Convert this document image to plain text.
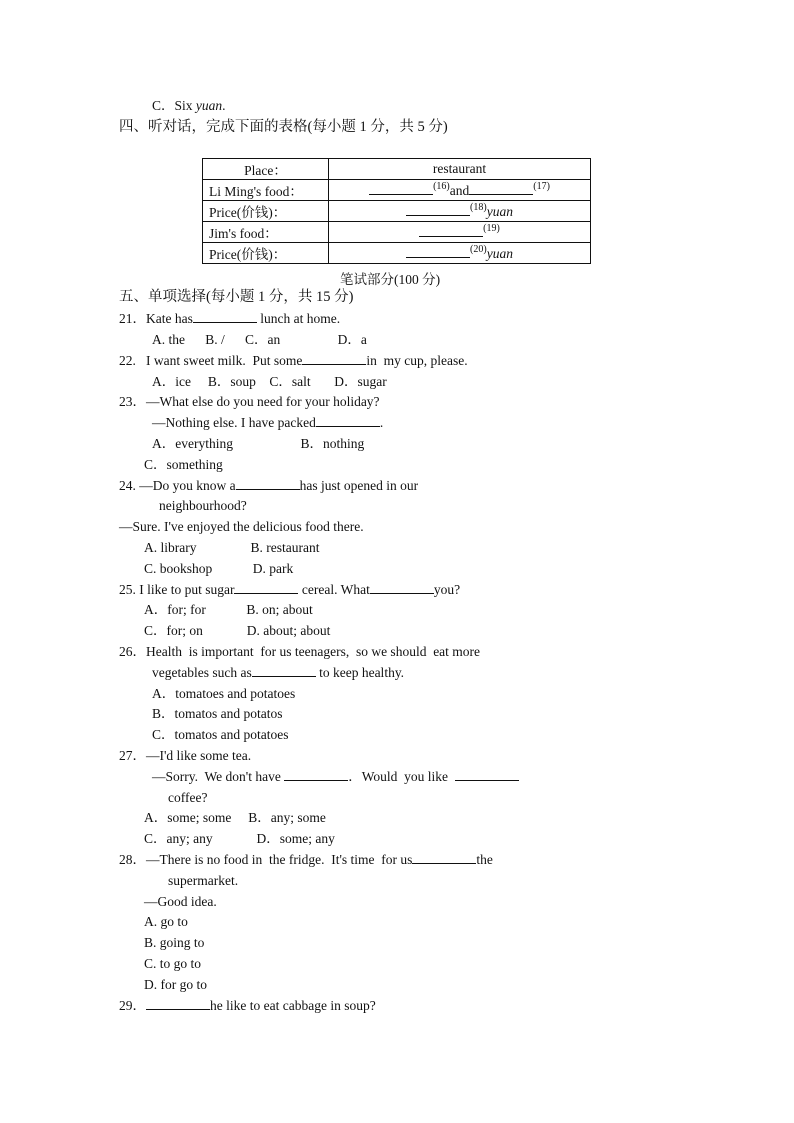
C．Six yuan.
四、听对话，完成下面的表格(每小题 1 分，共 5 分)
Place：	restaurant
Li Ming's food：	$^{(16)}$and $^{(17)}$
Price(价钱)：	$^{(18)}$yuan
Jim's food：	$^{(19)}$
Price(价钱)：	$^{(20)}$yuan
笔试部分(100 分)
五、单项选择(每小题 1 分，共 15 分)
21．Kate has	lunch at home.
A. the      B. /      C．an                 D．a
22.   I want sweet milk.  Put some	in  my cup, please.
A．ice     B．soup    C．salt       D．sugar
23．—What else do you need for your holiday?
—Nothing else. I have packed	.
A．everything                    B．nothing
C．something
24. —Do you know a	has just opened in our
neighbourhood?
—Sure. I've enjoyed the delicious food there.
A. library                B. restaurant
C. bookshop            D. park
25. I like to put sugar	cereal. What	you?
A．for; for            B. on; about
C．for; on             D. about; about
26．Health  is important  for us teenagers,  so we should  eat more
vegetables such as	to keep healthy.
A．tomatoes and potatoes
B．tomatos and potatos
C．tomatos and potatoes
27．—I'd like some tea.
—Sorry.  We don't have	．Would  you like
coffee?
A．some; some     B．any; some
C．any; any             D．some; any
28．—There is no food in  the fridge.  It's time  for us	the
supermarket.
—Good idea.
A. go to
B. going to
C. to go to
D. for go to
29．	he like to eat cabbage in soup?
